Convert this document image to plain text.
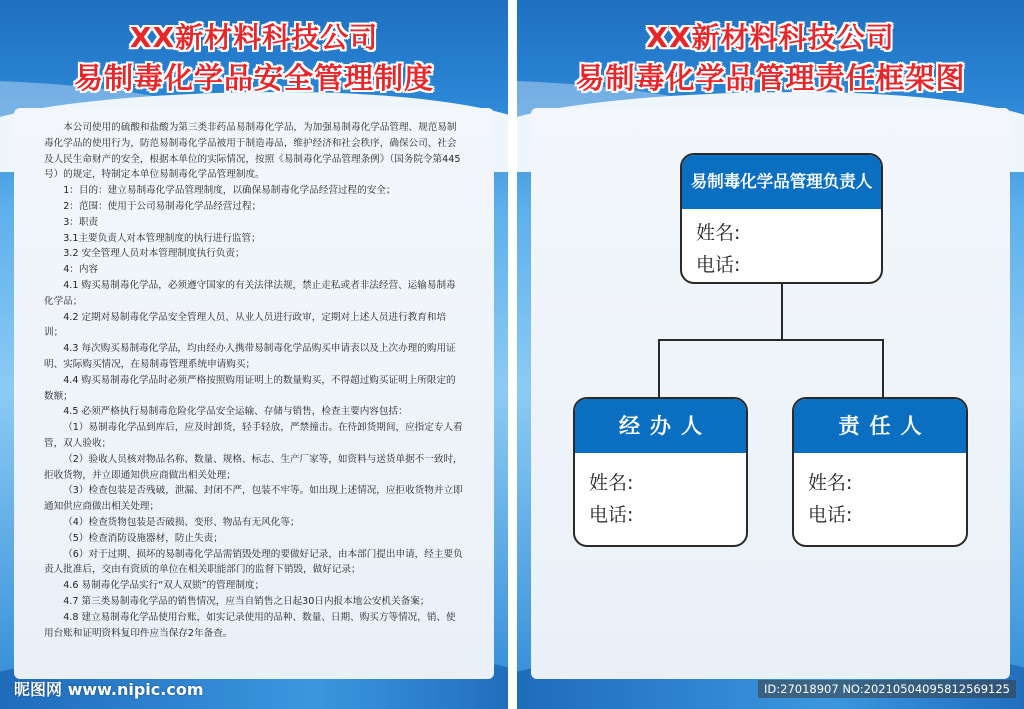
XX新材料科技公司
易制毒化学品安全管理制度

本公司使用的硫酸和盐酸为第三类非药品易制毒化学品，为加强易制毒化学品管理、规范易制毒化学品的使用行为，防范易制毒化学品被用于制造毒品，维护经济和社会秩序，确保公司、社会及人民生命财产的安全，根据本单位的实际情况，按照《易制毒化学品管理条例》（国务院令第445号）的规定，特制定本单位易制毒化学品管理制度。

1：目的：建立易制毒化学品管理制度，以确保易制毒化学品经营过程的安全；

2：范围：使用于公司易制毒化学品经营过程；

3：职责

3.1主要负责人对本管理制度的执行进行监管；

3.2 安全管理人员对本管理制度执行负责；

4：内容

4.1 购买易制毒化学品，必须遵守国家的有关法律法规，禁止走私或者非法经营、运输易制毒化学品；

4.2 定期对易制毒化学品安全管理人员、从业人员进行政审，定期对上述人员进行教育和培训；

4.3 每次购买易制毒化学品，均由经办人携带易制毒化学品购买申请表以及上次办理的购用证明、实际购买情况，在易制毒管理系统申请购买；

4.4 购买易制毒化学品时必须严格按照购用证明上的数量购买，不得超过购买证明上所限定的数额；

4.5 必须严格执行易制毒危险化学品安全运输、存储与销售，检查主要内容包括：

（1）易制毒化学品到库后，应及时卸货，轻手轻放，严禁撞击。在待卸货期间，应指定专人看管，双人验收；

（2）验收人员核对物品名称、数量、规格、标志、生产厂家等，如资料与送货单据不一致时，拒收货物，并立即通知供应商做出相关处理；

（3）检查包装是否残破，泄漏、封闭不严，包装不牢等。如出现上述情况，应拒收货物并立即通知供应商做出相关处理；

（4）检查货物包装是否破损、变形、物品有无风化等；

（5）检查消防设施器材，防止失责；

（6）对于过期、损坏的易制毒化学品需销毁处理的要做好记录，由本部门提出申请，经主要负责人批准后，交由有资质的单位在相关职能部门的监督下销毁，做好记录；

4.6 易制毒化学品实行“双人双锁”的管理制度；

4.7 第三类易制毒化学品的销售情况，应当自销售之日起30日内报本地公安机关备案；

4.8 建立易制毒化学品使用台账，如实记录使用的品种、数量、日期、购买方等情况，销、使用台账和证明资料复印件应当保存2年备查。

XX新材料科技公司
易制毒化学品管理责任框架图
易制毒化学品管理负责人
姓名:
电话:
经办人
姓名:
电话:
责任人
姓名:
电话:
昵图网 www.nipic.com	ID:27018907 NO:20210504095812569125
